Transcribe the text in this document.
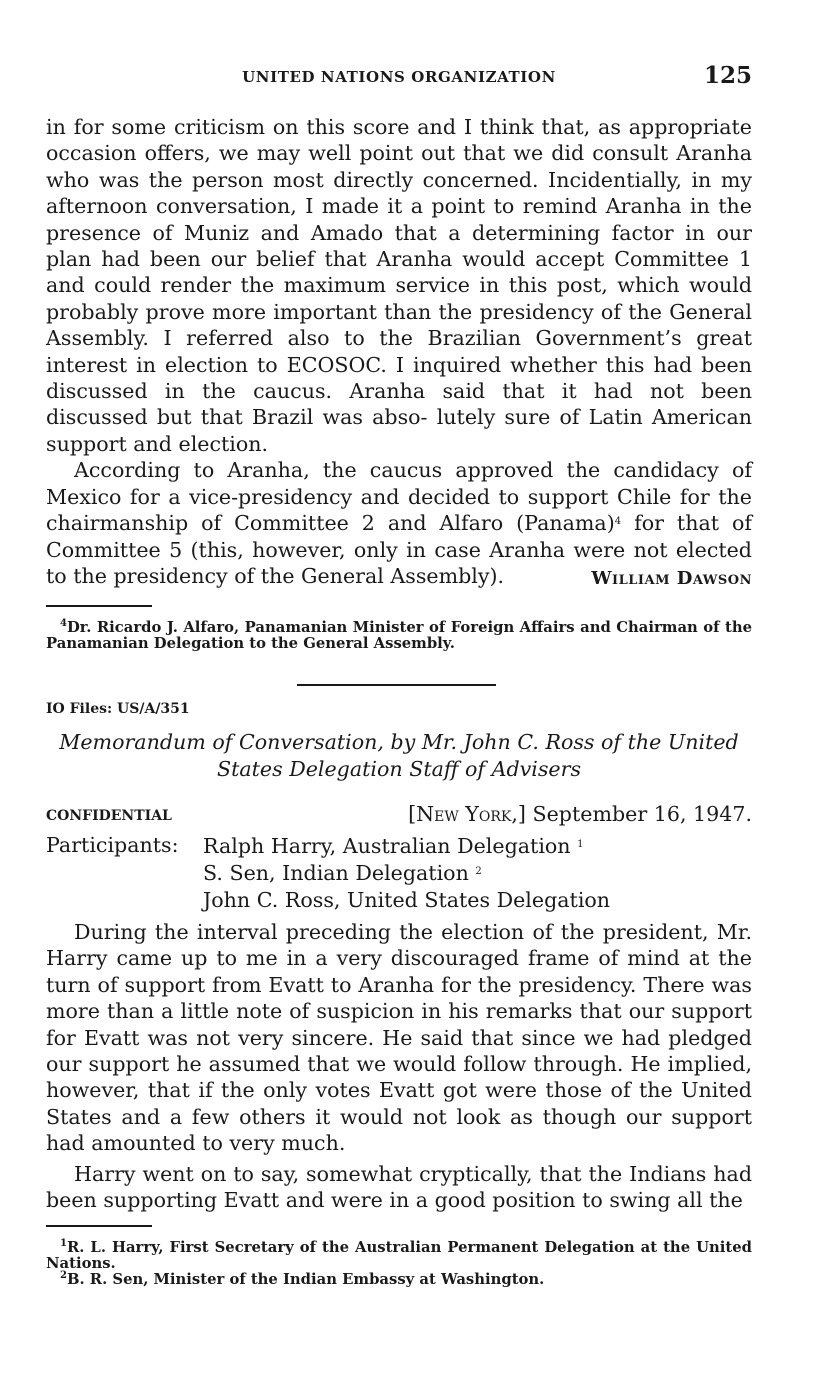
UNITED NATIONS ORGANIZATION	125

in for some criticism on this score and I think that, as appropriate occasion offers, we may well point out that we did consult Aranha who was the person most directly concerned. Incidentially, in my afternoon conversation, I made it a point to remind Aranha in the presence of Muniz and Amado that a determining factor in our plan had been our belief that Aranha would accept Committee 1 and could render the maximum service in this post, which would probably prove more important than the presidency of the General Assembly. I referred also to the Brazilian Government’s great interest in election to ECOSOC. I inquired whether this had been discussed in the caucus. Aranha said that it had not been discussed but that Brazil was abso- lutely sure of Latin American support and election.

According to Aranha, the caucus approved the candidacy of Mexico for a vice-presidency and decided to support Chile for the chairmanship of Committee 2 and Alfaro (Panama)$^4$ for that of Committee 5 (this, however, only in case Aranha were not elected to the presidency of the General Assembly).	William Dawson

$^4$Dr. Ricardo J. Alfaro, Panamanian Minister of Foreign Affairs and Chairman of the Panamanian Delegation to the General Assembly.

IO Files: US/A/351
Memorandum of Conversation, by Mr. John C. Ross of the United
States Delegation Staff of Advisers
CONFIDENTIAL	[New York,] September 16, 1947.
Participants: Ralph Harry, Australian Delegation $^1$
S. Sen, Indian Delegation $^2$
John C. Ross, United States Delegation

During the interval preceding the election of the president, Mr. Harry came up to me in a very discouraged frame of mind at the turn of support from Evatt to Aranha for the presidency. There was more than a little note of suspicion in his remarks that our support for Evatt was not very sincere. He said that since we had pledged our support he assumed that we would follow through. He implied, however, that if the only votes Evatt got were those of the United States and a few others it would not look as though our support had amounted to very much.

Harry went on to say, somewhat cryptically, that the Indians had been supporting Evatt and were in a good position to swing all the

$^1$R. L. Harry, First Secretary of the Australian Permanent Delegation at the United Nations.

$^2$B. R. Sen, Minister of the Indian Embassy at Washington.
